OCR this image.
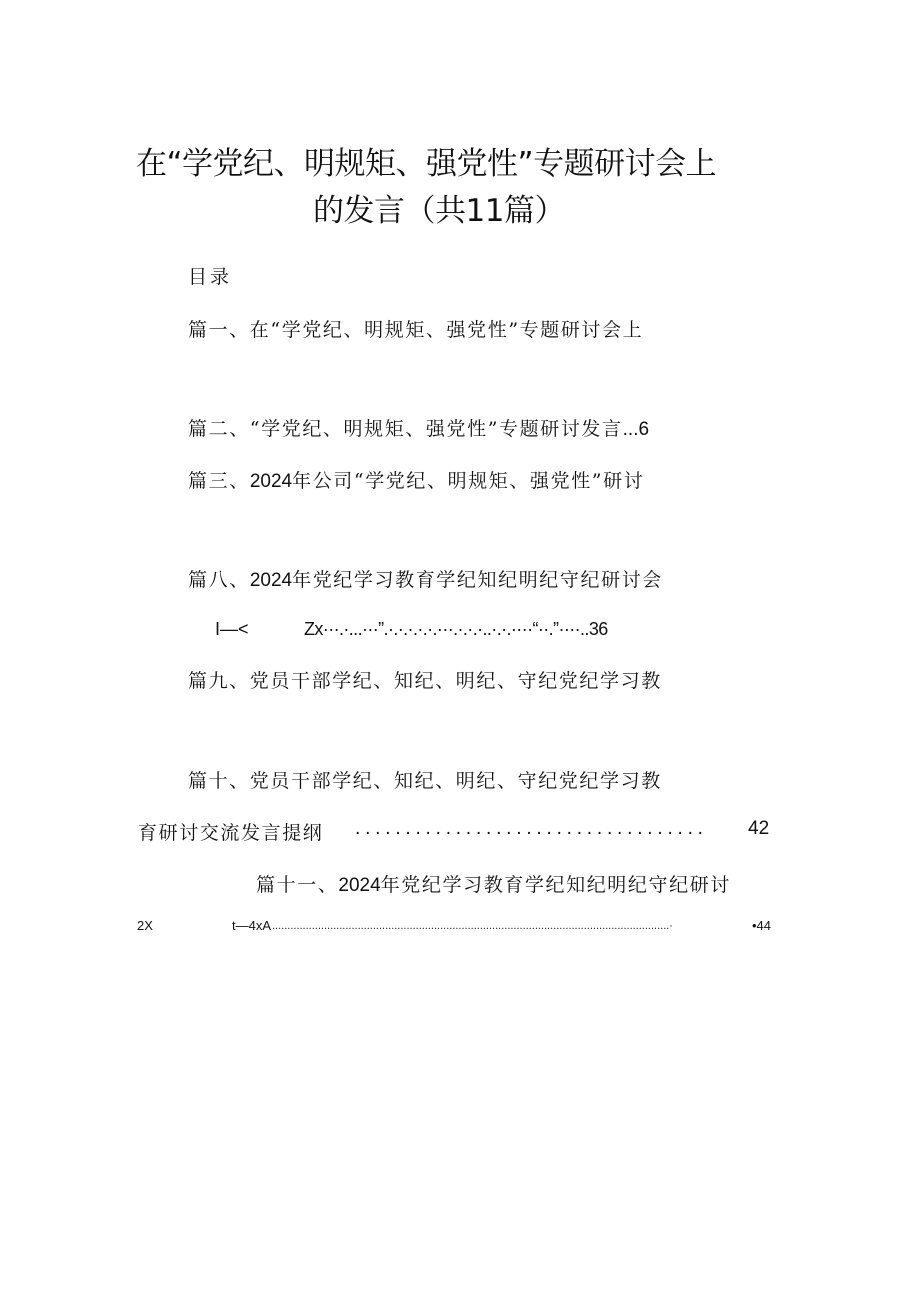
在“学党纪、明规矩、强党性”专题研讨会上
的发言（共11篇）
目录
篇一、在“学党纪、明规矩、强党性”专题研讨会上
篇二、“学党纪、明规矩、强党性”专题研讨发言...6
篇三、2024年公司“学党纪、明规矩、强党性”研讨
篇八、2024年党纪学习教育学纪知纪明纪守纪研讨会
I—<	Zx···.·...···”.·.·.·.·.·.···.·.·.·..·.·.····“··.”····..36
篇九、党员干部学纪、知纪、明纪、守纪党纪学习教
篇十、党员干部学纪、知纪、明纪、守纪党纪学习教
育研讨交流发言提纲 ................................... 42
篇十一、2024年党纪学习教育学纪知纪明纪守纪研讨
2X	t—4xA ..................................................................................................................................·	•44
